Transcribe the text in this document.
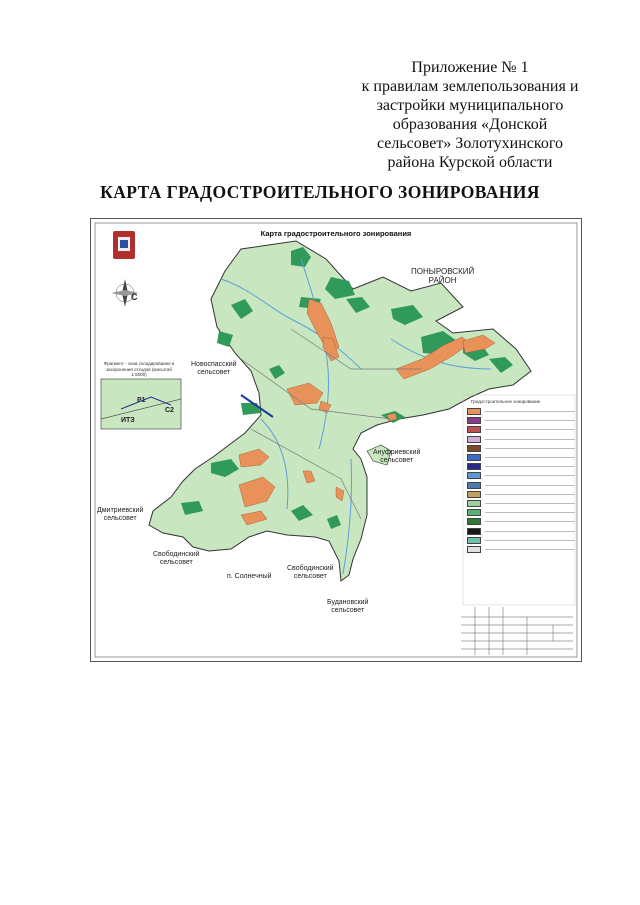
Приложение № 1
к правилам землепользования и
застройки муниципального
образования «Донской
сельсовет» Золотухинского
района Курской области
КАРТА ГРАДОСТРОИТЕЛЬНОГО ЗОНИРОВАНИЯ
Карта градостроительного зонирования
С
ПОНЫРОВСКИЙ
РАЙОН
Новоспасский
сельсовет
Ануфриевский
сельсовет
Дмитриевский
сельсовет
Свободинский
сельсовет
п. Солнечный
Свободинский
сельсовет
Будановский
сельсовет
Фрагмент - зона складирования и захоронения отходов (масштаб 1:5000)
Р1
С2
ИТЗ
Градостроительное зонирование
